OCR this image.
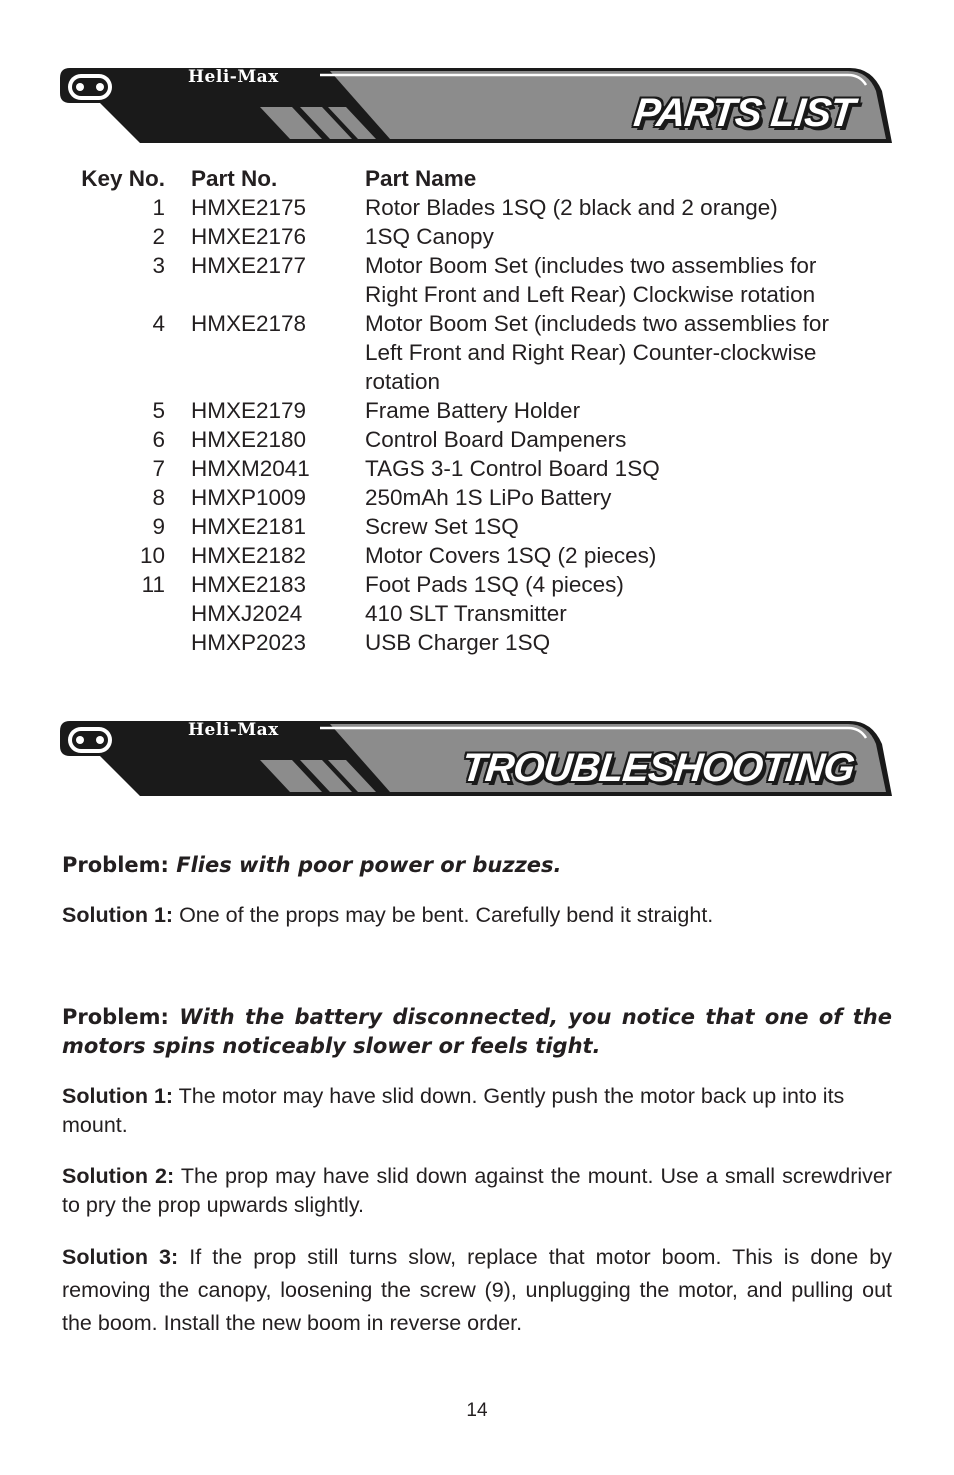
Heli-Max
PARTS LIST
Key No. Part No.	Part Name
1 HMXE2175	Rotor Blades 1SQ (2 black and 2 orange)
2 HMXE2176	1SQ Canopy
3 HMXE2177	Motor Boom Set (includes two assemblies for
Right Front and Left Rear) Clockwise rotation
4 HMXE2178	Motor Boom Set (includeds two assemblies for
Left Front and Right Rear) Counter-clockwise
rotation
5 HMXE2179	Frame Battery Holder
6 HMXE2180	Control Board Dampeners
7 HMXM2041 TAGS 3-1 Control Board 1SQ
8 HMXP1009	250mAh 1S LiPo Battery
9 HMXE2181	Screw Set 1SQ
10 HMXE2182	Motor Covers 1SQ (2 pieces)
11 HMXE2183	Foot Pads 1SQ (4 pieces)
HMXJ2024	410 SLT Transmitter
HMXP2023	USB Charger 1SQ
Heli-Max
TROUBLESHOOTING
Problem: Flies with poor power or buzzes.
Solution 1: One of the props may be bent. Carefully bend it straight.
Problem: With the battery disconnected, you notice that one of the motors spins noticeably slower or feels tight.
Solution 1: The motor may have slid down. Gently push the motor back up into its mount.
Solution 2: The prop may have slid down against the mount. Use a small screwdriver to pry the prop upwards slightly.
Solution 3: If the prop still turns slow, replace that motor boom. This is done by removing the canopy, loosening the screw (9), unplugging the motor, and pulling out the boom. Install the new boom in reverse order.
14
